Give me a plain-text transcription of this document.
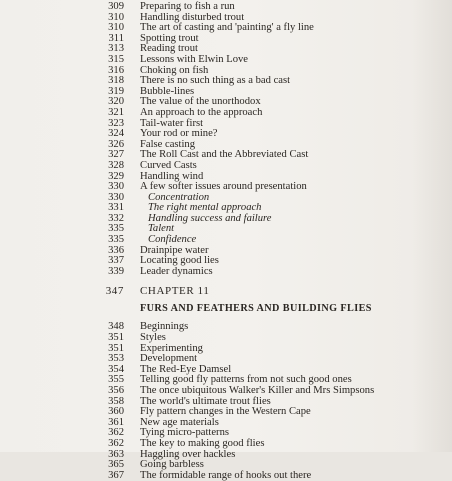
309	Preparing to fish a run
310	Handling disturbed trout
310	The art of casting and 'painting' a fly line
311	Spotting trout
313	Reading trout
315	Lessons with Elwin Love
316	Choking on fish
318	There is no such thing as a bad cast
319	Bubble-lines
320	The value of the unorthodox
321	An approach to the approach
323	Tail-water first
324	Your rod or mine?
326	False casting
327	The Roll Cast and the Abbreviated Cast
328	Curved Casts
329	Handling wind
330	A few softer issues around presentation
330	Concentration
331	The right mental approach
332	Handling success and failure
335	Talent
335	Confidence
336	Drainpipe water
337	Locating good lies
339	Leader dynamics
347	CHAPTER 11
FURS AND FEATHERS AND BUILDING FLIES
348	Beginnings
351	Styles
351	Experimenting
353	Development
354	The Red-Eye Damsel
355	Telling good fly patterns from not such good ones
356	The once ubiquitous Walker's Killer and Mrs Simpsons
358	The world's ultimate trout flies
360	Fly pattern changes in the Western Cape
361	New age materials
362	Tying micro-patterns
362	The key to making good flies
363	Haggling over hackles
365	Going barbless
367	The formidable range of hooks out there
